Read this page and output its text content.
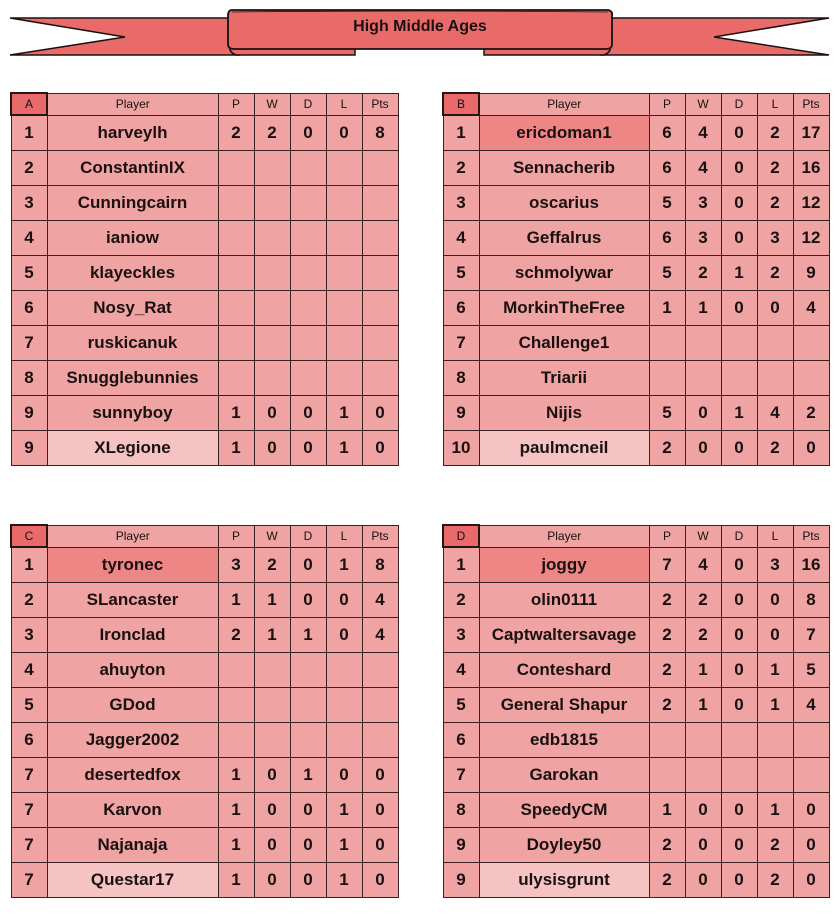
High Middle Ages
A	Player	P	W	D	L	Pts
1	harveylh	2	2	0	0	8
2	ConstantinIX					
3	Cunningcairn					
4	ianiow					
5	klayeckles					
6	Nosy_Rat					
7	ruskicanuk					
8	Snugglebunnies					
9	sunnyboy	1	0	0	1	0
9	XLegione	1	0	0	1	0
B	Player	P	W	D	L	Pts
1	ericdoman1	6	4	0	2	17
2	Sennacherib	6	4	0	2	16
3	oscarius	5	3	0	2	12
4	Geffalrus	6	3	0	3	12
5	schmolywar	5	2	1	2	9
6	MorkinTheFree	1	1	0	0	4
7	Challenge1					
8	Triarii					
9	Nijis	5	0	1	4	2
10	paulmcneil	2	0	0	2	0
C	Player	P	W	D	L	Pts
1	tyronec	3	2	0	1	8
2	SLancaster	1	1	0	0	4
3	Ironclad	2	1	1	0	4
4	ahuyton					
5	GDod					
6	Jagger2002					
7	desertedfox	1	0	1	0	0
7	Karvon	1	0	0	1	0
7	Najanaja	1	0	0	1	0
7	Questar17	1	0	0	1	0
D	Player	P	W	D	L	Pts
1	joggy	7	4	0	3	16
2	olin0111	2	2	0	0	8
3	Captwaltersavage	2	2	0	0	7
4	Conteshard	2	1	0	1	5
5	General Shapur	2	1	0	1	4
6	edb1815					
7	Garokan					
8	SpeedyCM	1	0	0	1	0
9	Doyley50	2	0	0	2	0
9	ulysisgrunt	2	0	0	2	0
